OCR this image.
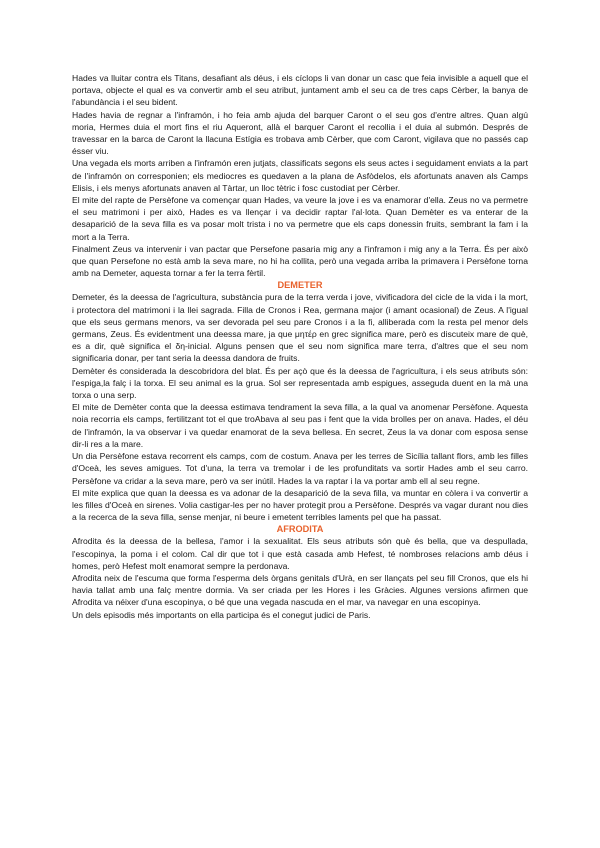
Hades va lluitar contra els Titans, desafiant als déus, i els cíclops li van donar un casc que feia invisible a aquell que el portava, objecte el qual es va convertir amb el seu atribut, juntament amb el seu ca de tres caps Cèrber, la banya de l'abundància i el seu bident.

Hades havia de regnar a l'inframón, i ho feia amb ajuda del barquer Caront o el seu gos d'entre altres. Quan algú moria, Hermes duia el mort fins el riu Aqueront, allà el barquer Caront el recollia i el duia al submón. Després de travessar en la barca de Caront la llacuna Estígia es trobava amb Cèrber, que com Caront, vigilava que no passés cap ésser viu.

Una vegada els morts arriben a l'inframón eren jutjats, classificats segons els seus actes i seguidament enviats a la part de l'inframón on corresponien; els mediocres es quedaven a la plana de Asfòdelos, els afortunats anaven als Camps Elisis, i els menys afortunats anaven al Tàrtar, un lloc tètric i fosc custodiat per Cèrber.

El mite del rapte de Persèfone va començar quan Hades, va veure la jove i es va enamorar d'ella. Zeus no va permetre el seu matrimoni i per això, Hades es va llençar i va decidir raptar l'al·lota. Quan Demèter es va enterar de la desaparició de la seva filla es va posar molt trista i no va permetre que els caps donessin fruits, sembrant la fam i la mort a la Terra.

Finalment Zeus va intervenir i van pactar que Persefone pasaria mig any a l'inframon i mig any a la Terra. És per això que quan Persefone no està amb la seva mare, no hi ha collita, però una vegada arriba la primavera i Persèfone torna amb na Demeter, aquesta tornar a fer la terra fèrtil.

DEMETER

Demeter, és la deessa de l'agricultura, substància pura de la terra verda i jove, vivificadora del cicle de la vida i la mort, i protectora del matrimoni i la llei sagrada. Filla de Cronos i Rea, germana major (i amant ocasional) de Zeus. A l'igual que els seus germans menors, va ser devorada pel seu pare Cronos i a la fi, alliberada com la resta pel menor dels germans, Zeus. És evidentment una deessa mare, ja que μητέρ en grec significa mare, però es discuteix mare de què, es a dir, què significa el δη-inicial. Alguns pensen que el seu nom significa mare terra, d'altres que el seu nom significaria donar, per tant seria la deessa dandora de fruits.

Demèter és considerada la descobridora del blat. És per açò que és la deessa de l'agricultura, i els seus atributs són: l'espiga,la falç i la torxa. El seu animal es la grua. Sol ser representada amb espigues, asseguda duent en la mà una torxa o una serp.

El mite de Demèter conta que la deessa estimava tendrament la seva filla, a la qual va anomenar Persèfone. Aquesta noia recorria els camps, fertilitzant tot el que troAbava al seu pas i fent que la vida brolles per on anava. Hades, el déu de l'inframón, la va observar i va quedar enamorat de la seva bellesa. En secret, Zeus la va donar com esposa sense dir-li res a la mare.

Un dia Persèfone estava recorrent els camps, com de costum. Anava per les terres de Sicília tallant flors, amb les filles d'Oceà, les seves amigues. Tot d'una, la terra va tremolar i de les profunditats va sortir Hades amb el seu carro. Persèfone va cridar a la seva mare, però va ser inútil. Hades la va raptar i la va portar amb ell al seu regne.

El mite explica que quan la deessa es va adonar de la desaparició de la seva filla, va muntar en còlera i va convertir a les filles d'Oceà en sirenes. Volia castigar-les per no haver protegit prou a Persèfone. Després va vagar durant nou dies a la recerca de la seva filla, sense menjar, ni beure i emetent terribles laments pel que ha passat.

AFRODITA

Afrodita és la deessa de la bellesa, l'amor i la sexualitat. Els seus atributs són què és bella, que va despullada, l'escopinya, la poma i el colom. Cal dir que tot i que està casada amb Hefest, té nombroses relacions amb déus i homes, però Hefest molt enamorat sempre la perdonava.

Afrodita neix de l'escuma que forma l'esperma dels òrgans genitals d'Urà, en ser llançats pel seu fill Cronos, que els hi havia tallat amb una falç mentre dormia. Va ser criada per les Hores i les Gràcies. Algunes versions afirmen que Afrodita va néixer d'una escopinya, o bé que una vegada nascuda en el mar, va navegar en una escopinya.

Un dels episodis més importants on ella participa és el conegut judici de Paris.
